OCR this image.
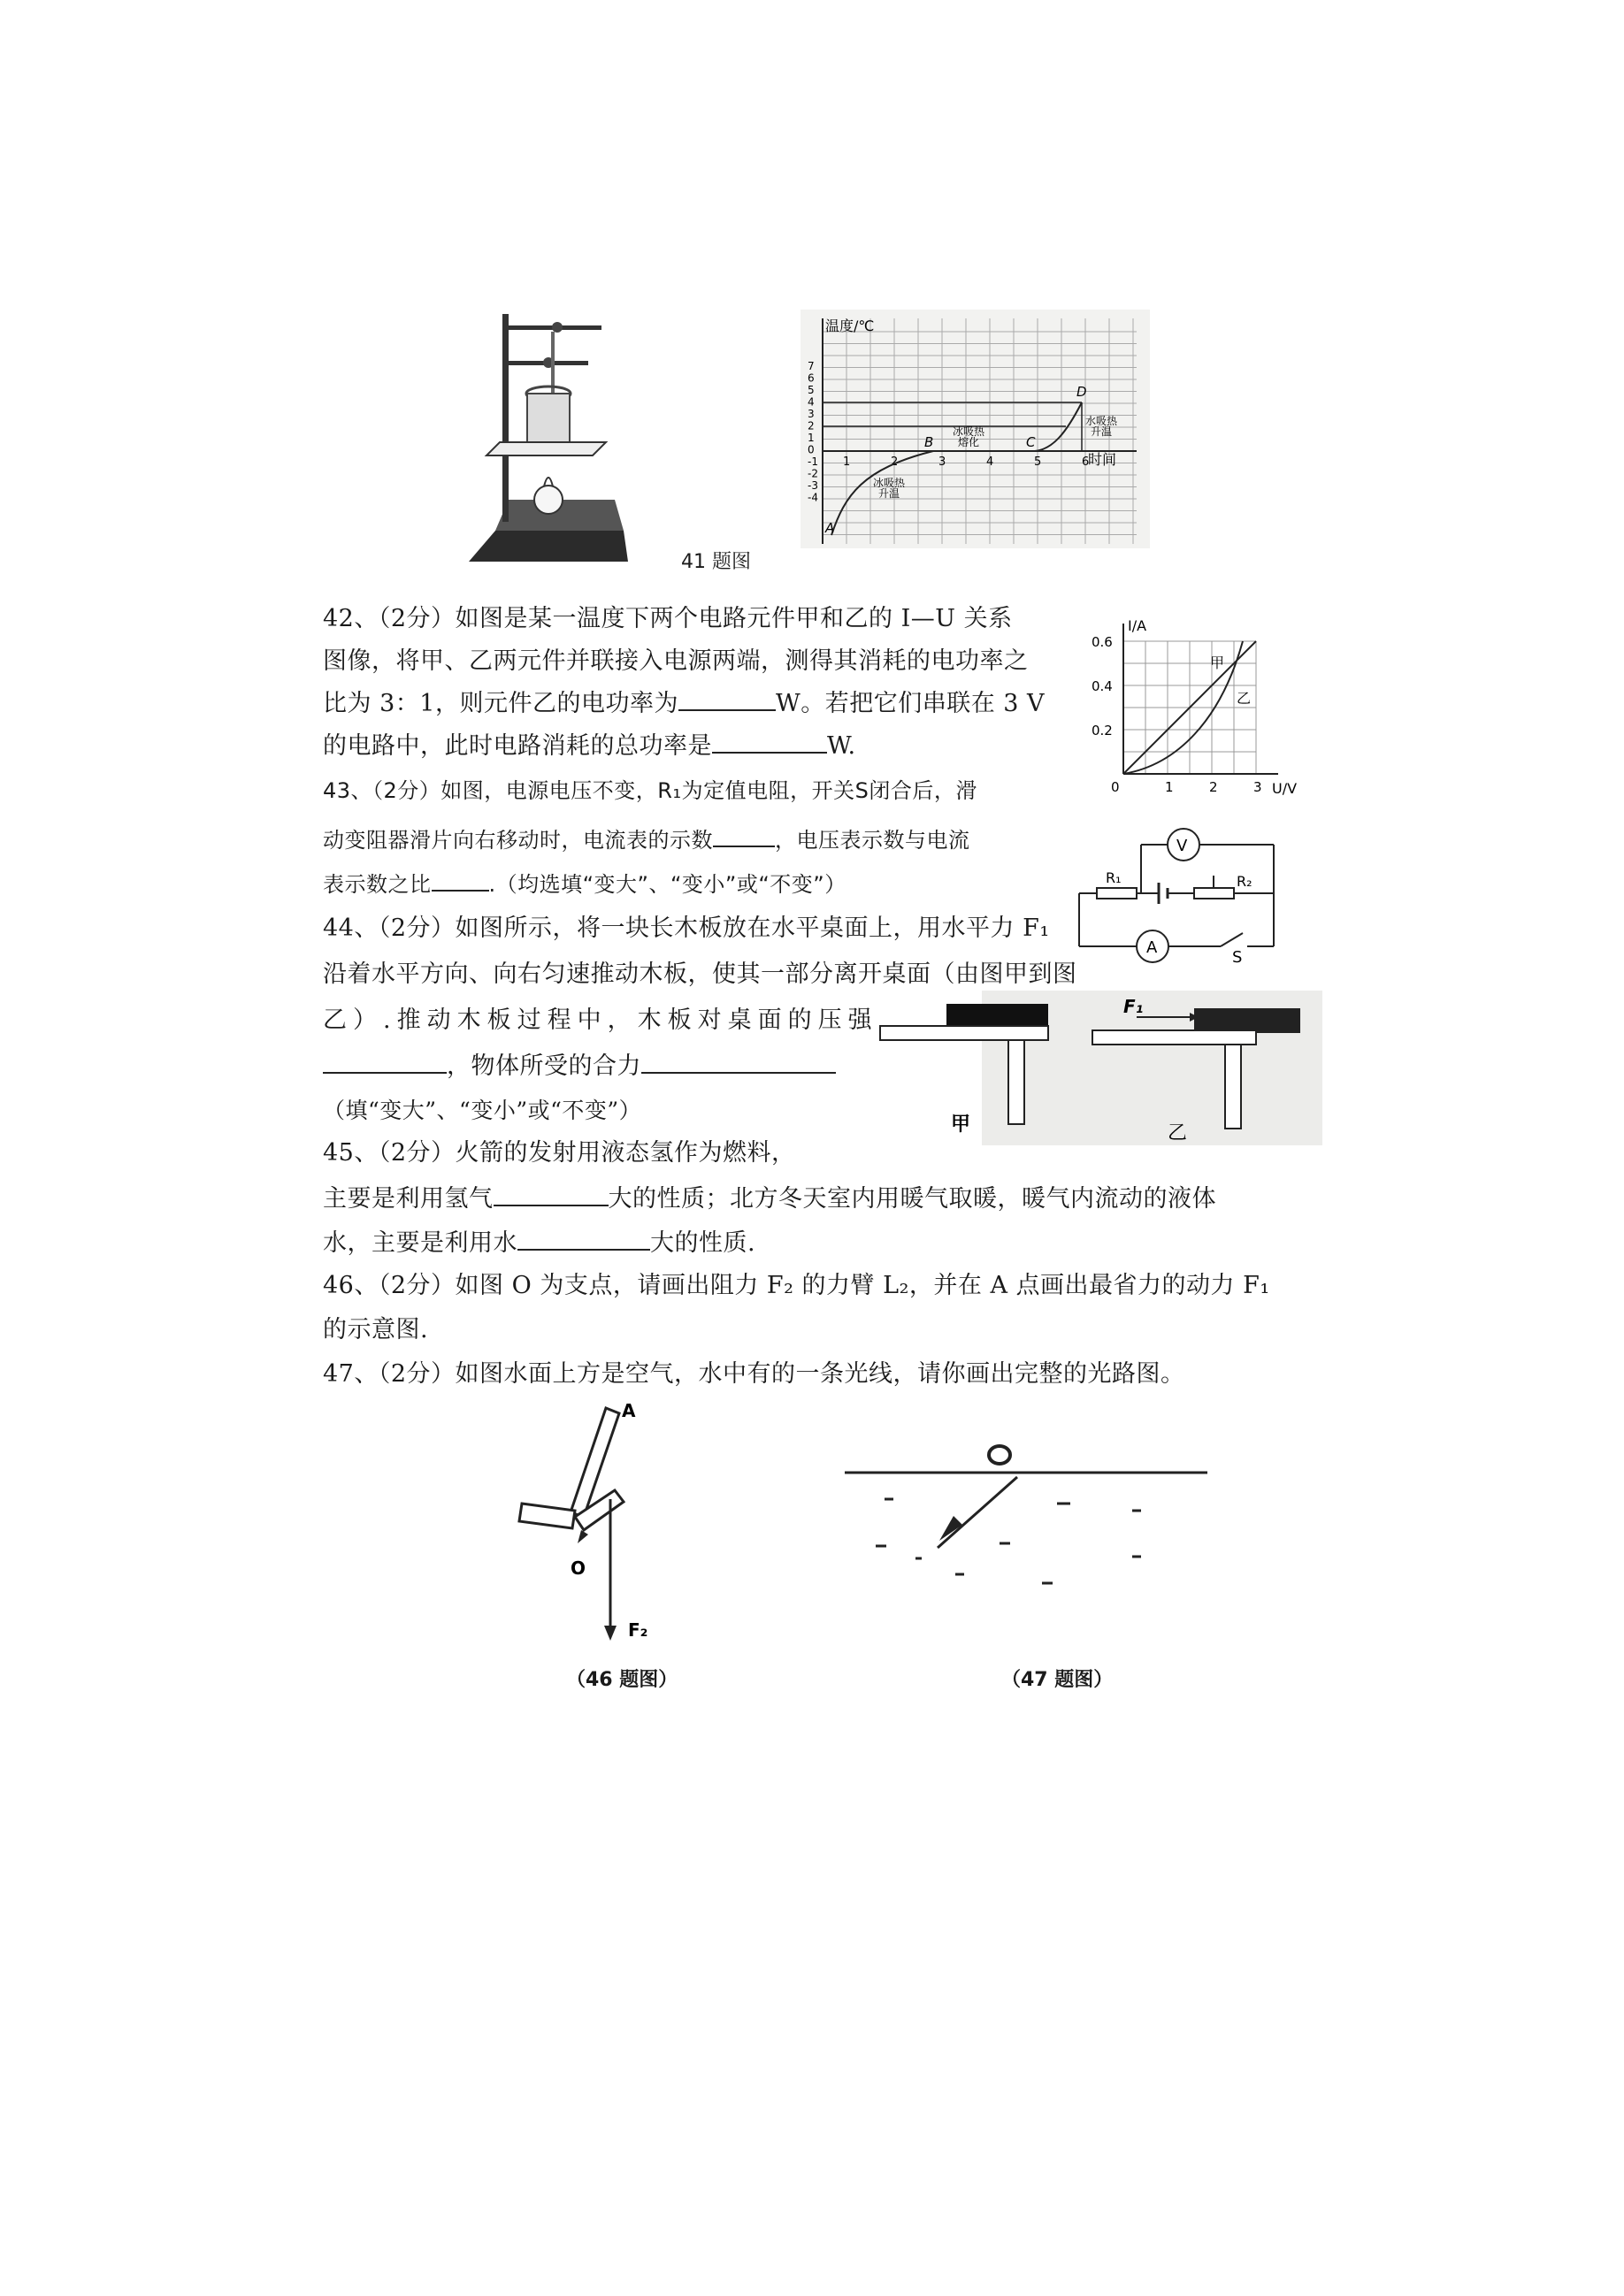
温度/℃
时间
7
6
5
4
3
2
1
0
-1
-2
-3
-4
1	2	3	4	5	6
A
B	C
D
冰吸热
熔化
冰吸热
升温
水吸热
升温
41 题图
42、（2分）如图是某一温度下两个电路元件甲和乙的 I—U 关系
图像，将甲、乙两元件并联接入电源两端，测得其消耗的电功率之
比为 3：1，则元件乙的电功率为	W。若把它们串联在 3 V
的电路中，此时电路消耗的总功率是	W.
I/A
U/V
0.6
0.4
0.2
0	1	2	3
甲
乙
43、（2分）如图，电源电压不变，R₁为定值电阻，开关S闭合后，滑
动变阻器滑片向右移动时，电流表的示数	，电压表示数与电流
表示数之比	.（均选填“变大”、“变小”或“不变”）
V
A
R₁	R₂
S
44、（2分）如图所示，将一块长木板放在水平桌面上，用水平力 F₁
沿着水平方向、向右匀速推动木板，使其一部分离开桌面（由图甲到图
乙）.推动木板过程中，木板对桌面的压强
，物体所受的合力
（填“变大”、“变小”或“不变”）
F₁
甲	乙
45、（2分）火箭的发射用液态氢作为燃料，
主要是利用氢气	大的性质；北方冬天室内用暖气取暖，暖气内流动的液体
水，主要是利用水	大的性质.
46、（2分）如图 O 为支点，请画出阻力 F₂ 的力臂 L₂，并在 A 点画出最省力的动力 F₁
的示意图.
47、（2分）如图水面上方是空气，水中有的一条光线，请你画出完整的光路图。
A
O
F₂
（46 题图）
O
（47 题图）
